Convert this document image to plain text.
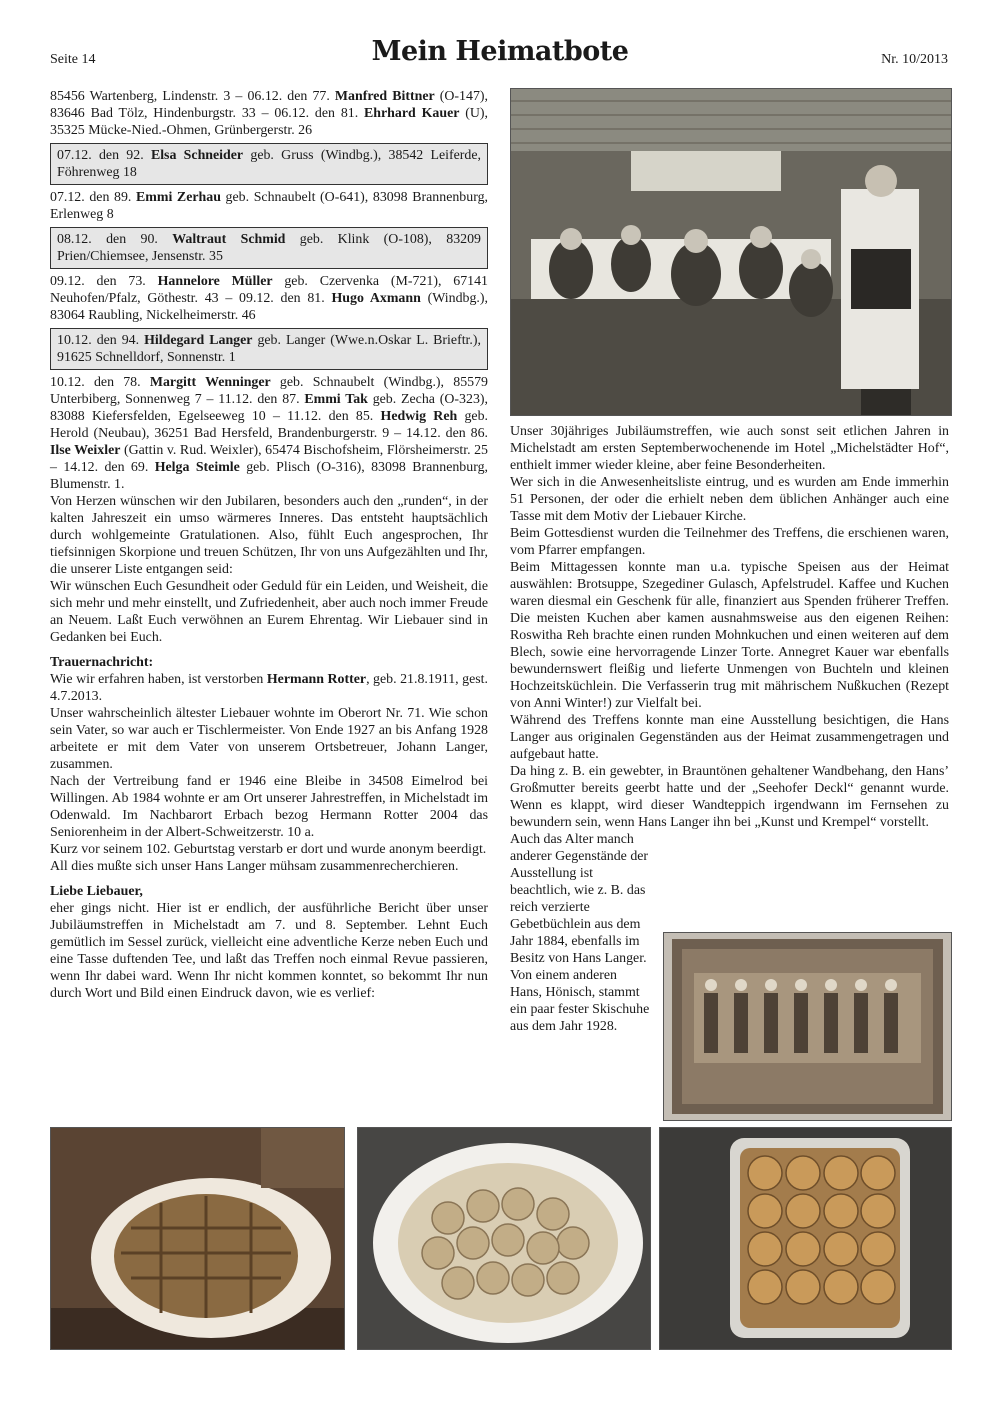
Seite 14	Mein Heimatbote	Nr. 10/2013

85456 Wartenberg, Lindenstr. 3 – 06.12. den 77. Manfred Bittner (O-147), 83646 Bad Tölz, Hindenburgstr. 33 – 06.12. den 81. Ehrhard Kauer (U), 35325 Mücke-Nied.-Ohmen, Grünbergerstr. 26

07.12. den 92. Elsa Schneider geb. Gruss (Windbg.), 38542 Leiferde, Föhrenweg 18

07.12. den 89. Emmi Zerhau geb. Schnaubelt (O-641), 83098 Brannenburg, Erlenweg 8

08.12. den 90. Waltraut Schmid geb. Klink (O-108), 83209 Prien/Chiemsee, Jensenstr. 35

09.12. den 73. Hannelore Müller geb. Czervenka (M-721), 67141 Neuhofen/Pfalz, Göthestr. 43 – 09.12. den 81. Hugo Axmann (Windbg.), 83064 Raubling, Nickelheimerstr. 46

10.12. den 94. Hildegard Langer geb. Langer (Wwe.n.Oskar L. Brieftr.), 91625 Schnelldorf, Sonnenstr. 1

10.12. den 78. Margitt Wenninger geb. Schnaubelt (Windbg.), 85579 Unterbiberg, Sonnenweg 7 – 11.12. den 87. Emmi Tak geb. Zecha (O-323), 83088 Kiefersfelden, Egelseeweg 10 – 11.12. den 85. Hedwig Reh geb. Herold (Neubau), 36251 Bad Hersfeld, Brandenburgerstr. 9 – 14.12. den 86. Ilse Weixler (Gattin v. Rud. Weixler), 65474 Bischofsheim, Flörsheimerstr. 25 – 14.12. den 69. Helga Steimle geb. Plisch (O-316), 83098 Brannenburg, Blumenstr. 1.

Von Herzen wünschen wir den Jubilaren, besonders auch den „runden“, in der kalten Jahreszeit ein umso wärmeres Inneres. Das entsteht hauptsächlich durch wohlgemeinte Gratulationen. Also, fühlt Euch angesprochen, Ihr tiefsinnigen Skorpione und treuen Schützen, Ihr von uns Aufgezählten und Ihr, die unserer Liste entgangen seid:

Wir wünschen Euch Gesundheit oder Geduld für ein Leiden, und Weisheit, die sich mehr und mehr einstellt, und Zufriedenheit, aber auch noch immer Freude an Neuem. Laßt Euch verwöhnen an Eurem Ehrentag. Wir Liebauer sind in Gedanken bei Euch.

Trauernachricht:

Wie wir erfahren haben, ist verstorben Hermann Rotter, geb. 21.8.1911, gest. 4.7.2013.

Unser wahrscheinlich ältester Liebauer wohnte im Oberort Nr. 71. Wie schon sein Vater, so war auch er Tischlermeister. Von Ende 1927 an bis Anfang 1928 arbeitete er mit dem Vater von unserem Ortsbetreuer, Johann Langer, zusammen.

Nach der Vertreibung fand er 1946 eine Bleibe in 34508 Eimelrod bei Willingen. Ab 1984 wohnte er am Ort unserer Jahrestreffen, in Michelstadt im Odenwald. Im Nachbarort Erbach bezog Hermann Rotter 2004 das Seniorenheim in der Albert-Schweitzerstr. 10 a.

Kurz vor seinem 102. Geburtstag verstarb er dort und wurde anonym beerdigt.

All dies mußte sich unser Hans Langer mühsam zusammenrecherchieren.

Liebe Liebauer,

eher gings nicht. Hier ist er endlich, der ausführliche Bericht über unser Jubiläumstreffen in Michelstadt am 7. und 8. September. Lehnt Euch gemütlich im Sessel zurück, vielleicht eine adventliche Kerze neben Euch und eine Tasse duftenden Tee, und laßt das Treffen noch einmal Revue passieren, wenn Ihr dabei ward. Wenn Ihr nicht kommen konntet, so bekommt Ihr nun durch Wort und Bild einen Eindruck davon, wie es verlief:

Unser 30jähriges Jubiläumstreffen, wie auch sonst seit etlichen Jahren in Michelstadt am ersten Septemberwochenende im Hotel „Michelstädter Hof“, enthielt immer wieder kleine, aber feine Besonderheiten.

Wer sich in die Anwesenheitsliste eintrug, und es wurden am Ende immerhin 51 Personen, der oder die erhielt neben dem üblichen Anhänger auch eine Tasse mit dem Motiv der Liebauer Kirche.

Beim Gottesdienst wurden die Teilnehmer des Treffens, die erschienen waren, vom Pfarrer empfangen.

Beim Mittagessen konnte man u.a. typische Speisen aus der Heimat auswählen: Brotsuppe, Szegediner Gulasch, Apfelstrudel. Kaffee und Kuchen waren diesmal ein Geschenk für alle, finanziert aus Spenden früherer Treffen. Die meisten Kuchen aber kamen ausnahmsweise aus den eigenen Reihen: Roswitha Reh brachte einen runden Mohnkuchen und einen weiteren auf dem Blech, sowie eine hervorragende Linzer Torte. Annegret Kauer war ebenfalls bewundernswert fleißig und lieferte Unmengen von Buchteln und kleinen Hochzeitsküchlein. Die Verfasserin trug mit mährischem Nußkuchen (Rezept von Anni Winter!) zur Vielfalt bei.

Während des Treffens konnte man eine Ausstellung besichtigen, die Hans Langer aus originalen Gegenständen aus der Heimat zusammengetragen und aufgebaut hatte.

Da hing z. B. ein gewebter, in Brauntönen gehaltener Wandbehang, den Hans’ Großmutter bereits geerbt hatte und der „Seehofer Deckl“ genannt wurde. Wenn es klappt, wird dieser Wandteppich irgendwann im Fernsehen zu bewundern sein, wenn Hans Langer ihn bei „Kunst und Krempel“ vorstellt.

Auch das Alter manch anderer Gegenstände der Ausstellung ist beachtlich, wie z. B. das reich verzierte Gebetbüchlein aus dem Jahr 1884, ebenfalls im Besitz von Hans Langer.

Von einem anderen Hans, Hönisch, stammt ein paar fester Skischuhe aus dem Jahr 1928.
